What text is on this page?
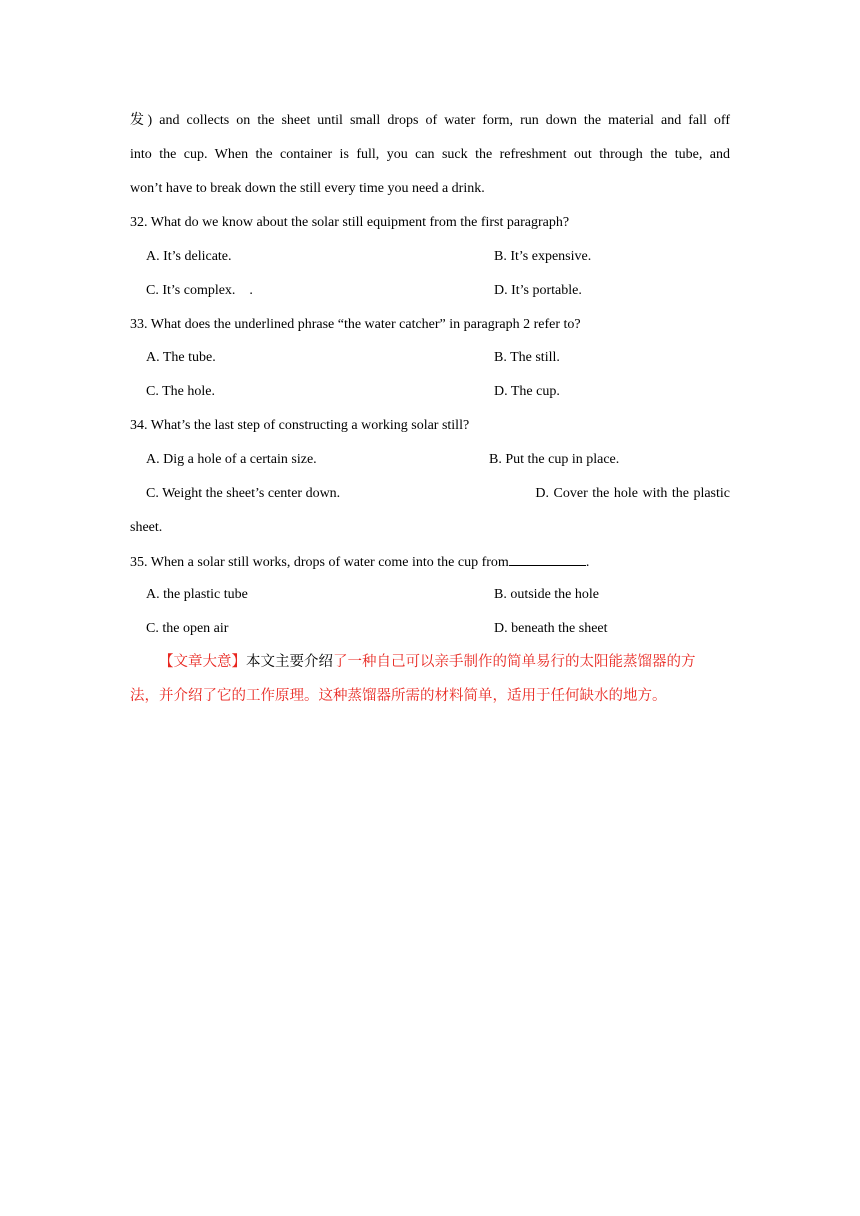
发) and collects on the sheet until small drops of water form, run down the material and fall off
into the cup. When the container is full, you can suck the refreshment out through the tube, and
won’t have to break down the still every time you need a drink.
32. What do we know about the solar still equipment from the first paragraph?
A. It’s delicate.	B. It’s expensive.
C. It’s complex.　.	D. It’s portable.
33. What does the underlined phrase “the water catcher” in paragraph 2 refer to?
A. The tube.	B. The still.
C. The hole.	D. The cup.
34. What’s the last step of constructing a working solar still?
A. Dig a hole of a certain size.	B. Put the cup in place.
C. Weight the sheet’s center down.	D. Cover the hole with the plastic
sheet.
35. When a solar still works, drops of water come into the cup from	.
A. the plastic tube	B. outside the hole
C. the open air	D. beneath the sheet
【文章大意】本文主要介绍了一种自己可以亲手制作的简单易行的太阳能蒸馏器的方
法，并介绍了它的工作原理。这种蒸馏器所需的材料简单，适用于任何缺水的地方。
